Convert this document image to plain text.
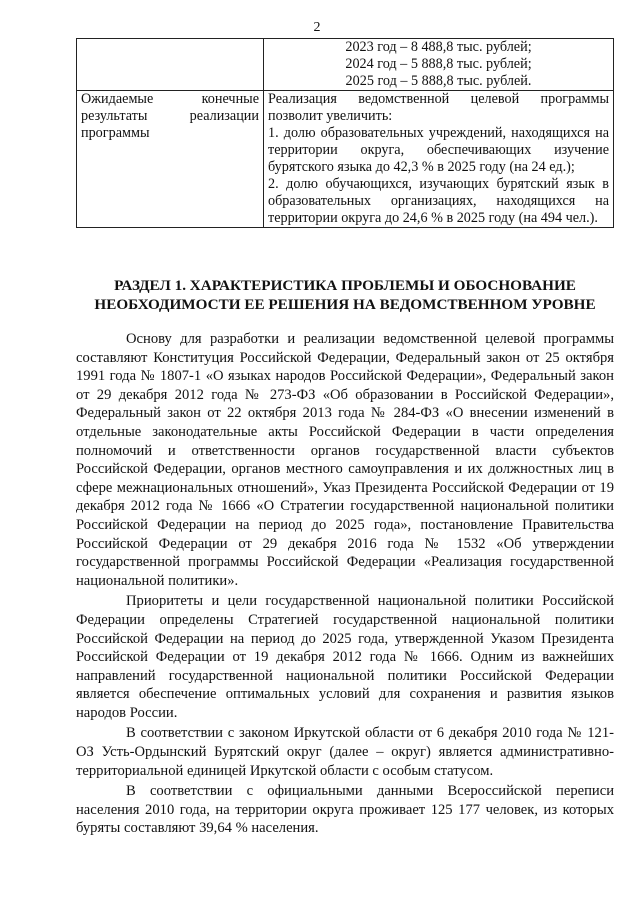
2

	2023 год – 8 488,8 тыс. рублей;
2024 год – 5 888,8 тыс. рублей;
2025 год – 5 888,8 тыс. рублей.

Ожидаемые конечные результаты реализации программы	Реализация ведомственной целевой программы позволит увеличить:
1. долю образовательных учреждений, находящихся на территории округа, обеспечивающих изучение бурятского языка до 42,3 % в 2025 году (на 24 ед.);
2. долю обучающихся, изучающих бурятский язык в образовательных организациях, находящихся на территории округа до 24,6 % в 2025 году (на 494 чел.).
РАЗДЕЛ 1. ХАРАКТЕРИСТИКА ПРОБЛЕМЫ И ОБОСНОВАНИЕ
НЕОБХОДИМОСТИ ЕЕ РЕШЕНИЯ НА ВЕДОМСТВЕННОМ УРОВНЕ

Основу для разработки и реализации ведомственной целевой программы составляют Конституция Российской Федерации, Федеральный закон от 25 октября 1991 года № 1807-1 «О языках народов Российской Федерации», Федеральный закон от 29 декабря 2012 года № 273-ФЗ «Об образовании в Российской Федерации», Федеральный закон от 22 октября 2013 года № 284-ФЗ «О внесении изменений в отдельные законодательные акты Российской Федерации в части определения полномочий и ответственности органов государственной власти субъектов Российской Федерации, органов местного самоуправления и их должностных лиц в сфере межнациональных отношений», Указ Президента Российской Федерации от 19 декабря 2012 года № 1666 «О Стратегии государственной национальной политики Российской Федерации на период до 2025 года», постановление Правительства Российской Федерации от 29 декабря 2016 года № 1532 «Об утверждении государственной программы Российской Федерации «Реализация государственной национальной политики».

Приоритеты и цели государственной национальной политики Российской Федерации определены Стратегией государственной национальной политики Российской Федерации на период до 2025 года, утвержденной Указом Президента Российской Федерации от 19 декабря 2012 года № 1666. Одним из важнейших направлений государственной национальной политики Российской Федерации является обеспечение оптимальных условий для сохранения и развития языков народов России.

В соответствии с законом Иркутской области от 6 декабря 2010 года № 121-ОЗ Усть-Ордынский Бурятский округ (далее – округ) является административно-территориальной единицей Иркутской области с особым статусом.

В соответствии с официальными данными Всероссийской переписи населения 2010 года, на территории округа проживает 125 177 человек, из которых буряты составляют 39,64 % населения.
